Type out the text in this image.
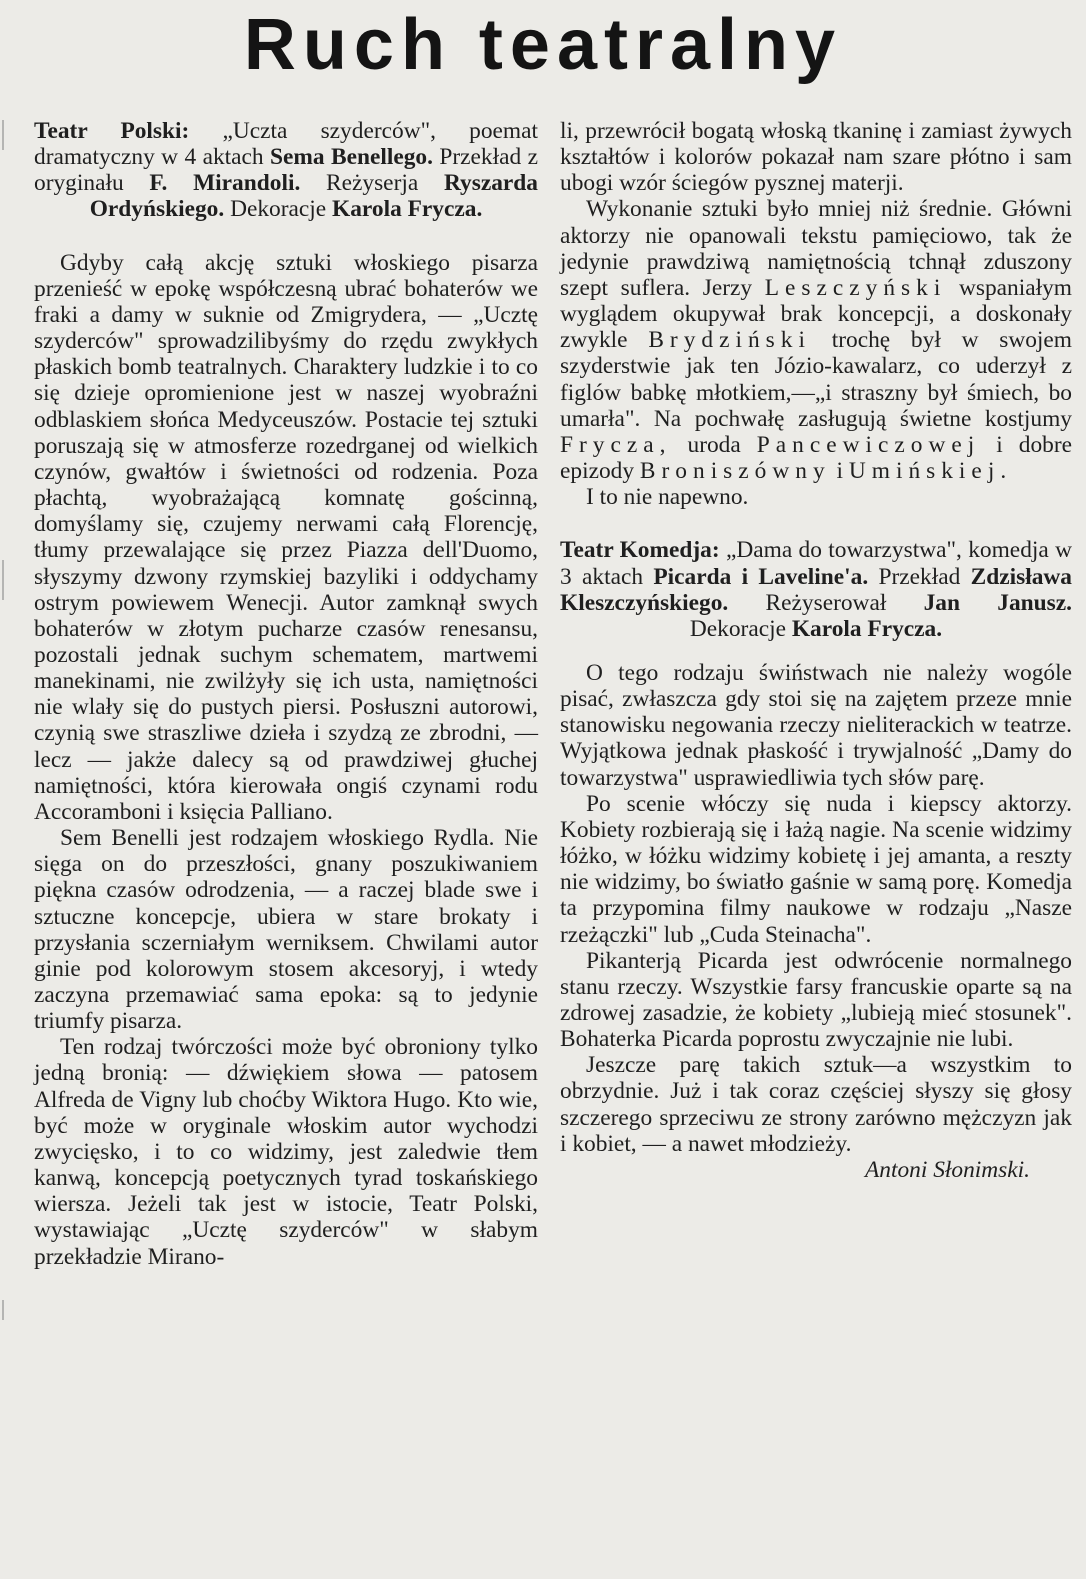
Ruch teatralny

Teatr Polski: „Uczta szyderców", poemat dramatyczny w 4 aktach Sema Benellego. Przekład z oryginału F. Mirandoli. Reżyserja Ryszarda Ordyńskiego. Dekoracje Karola Frycza.

Gdyby całą akcję sztuki włoskiego pisarza przenieść w epokę współczesną ubrać bohaterów we fraki a damy w suknie od Zmigrydera, — „Ucztę szyderców" sprowadzilibyśmy do rzędu zwykłych płaskich bomb teatralnych. Charaktery ludzkie i to co się dzieje opromienione jest w naszej wyobraźni odblaskiem słońca Medyceuszów. Postacie tej sztuki poruszają się w atmosferze rozedrganej od wielkich czynów, gwałtów i świetności od rodzenia. Poza płachtą, wyobrażającą komnatę gościnną, domyślamy się, czujemy nerwami całą Florencję, tłumy przewalające się przez Piazza dell'Duomo, słyszymy dzwony rzymskiej bazyliki i oddychamy ostrym powiewem Wenecji. Autor zamknął swych bohaterów w złotym pucharze czasów renesansu, pozostali jednak suchym schematem, martwemi manekinami, nie zwilżyły się ich usta, namiętności nie wlały się do pustych piersi. Posłuszni autorowi, czynią swe straszliwe dzieła i szydzą ze zbrodni, — lecz — jakże dalecy są od prawdziwej głuchej namiętności, która kierowała ongiś czynami rodu Accoramboni i księcia Palliano.

Sem Benelli jest rodzajem włoskiego Rydla. Nie sięga on do przeszłości, gnany poszukiwaniem piękna czasów odrodzenia, — a raczej blade swe i sztuczne koncepcje, ubiera w stare brokaty i przysłania sczerniałym werniksem. Chwilami autor ginie pod kolorowym stosem akcesoryj, i wtedy zaczyna przemawiać sama epoka: są to jedynie triumfy pisarza.

Ten rodzaj twórczości może być obroniony tylko jedną bronią: — dźwiękiem słowa — patosem Alfreda de Vigny lub choćby Wiktora Hugo. Kto wie, być może w oryginale włoskim autor wychodzi zwycięsko, i to co widzimy, jest zaledwie tłem kanwą, koncepcją poetycznych tyrad toskańskiego wiersza. Jeżeli tak jest w istocie, Teatr Polski, wystawiając „Ucztę szyderców" w słabym przekładzie Mirano-

li, przewrócił bogatą włoską tkaninę i zamiast żywych kształtów i kolorów pokazał nam szare płótno i sam ubogi wzór ściegów pysznej materji.

Wykonanie sztuki było mniej niż średnie. Główni aktorzy nie opanowali tekstu pamięciowo, tak że jedynie prawdziwą namiętnością tchnął zduszony szept suflera. Jerzy Leszczyński wspaniałym wyglądem okupywał brak koncepcji, a doskonały zwykle Brydziński trochę był w swojem szyderstwie jak ten Józio-kawalarz, co uderzył z figlów babkę młotkiem,—„i straszny był śmiech, bo umarła". Na pochwałę zasługują świetne kostjumy Frycza, uroda Pancewiczowej i dobre epizody Broniszówny i Umińskiej.

I to nie napewno.

Teatr Komedja: „Dama do towarzystwa", komedja w 3 aktach Picarda i Laveline'a. Przekład Zdzisława Kleszczyńskiego. Reżyserował Jan Janusz. Dekoracje Karola Frycza.

O tego rodzaju świństwach nie należy wogóle pisać, zwłaszcza gdy stoi się na zajętem przeze mnie stanowisku negowania rzeczy nieliterackich w teatrze. Wyjątkowa jednak płaskość i trywjalność „Damy do towarzystwa" usprawiedliwia tych słów parę.

Po scenie włóczy się nuda i kiepscy aktorzy. Kobiety rozbierają się i łażą nagie. Na scenie widzimy łóżko, w łóżku widzimy kobietę i jej amanta, a reszty nie widzimy, bo światło gaśnie w samą porę. Komedja ta przypomina filmy naukowe w rodzaju „Nasze rzeżączki" lub „Cuda Steinacha".

Pikanterją Picarda jest odwrócenie normalnego stanu rzeczy. Wszystkie farsy francuskie oparte są na zdrowej zasadzie, że kobiety „lubieją mieć stosunek". Bohaterka Picarda poprostu zwyczajnie nie lubi.

Jeszcze parę takich sztuk—a wszystkim to obrzydnie. Już i tak coraz częściej słyszy się głosy szczerego sprzeciwu ze strony zarówno mężczyzn jak i kobiet, — a nawet młodzieży.

Antoni Słonimski.
